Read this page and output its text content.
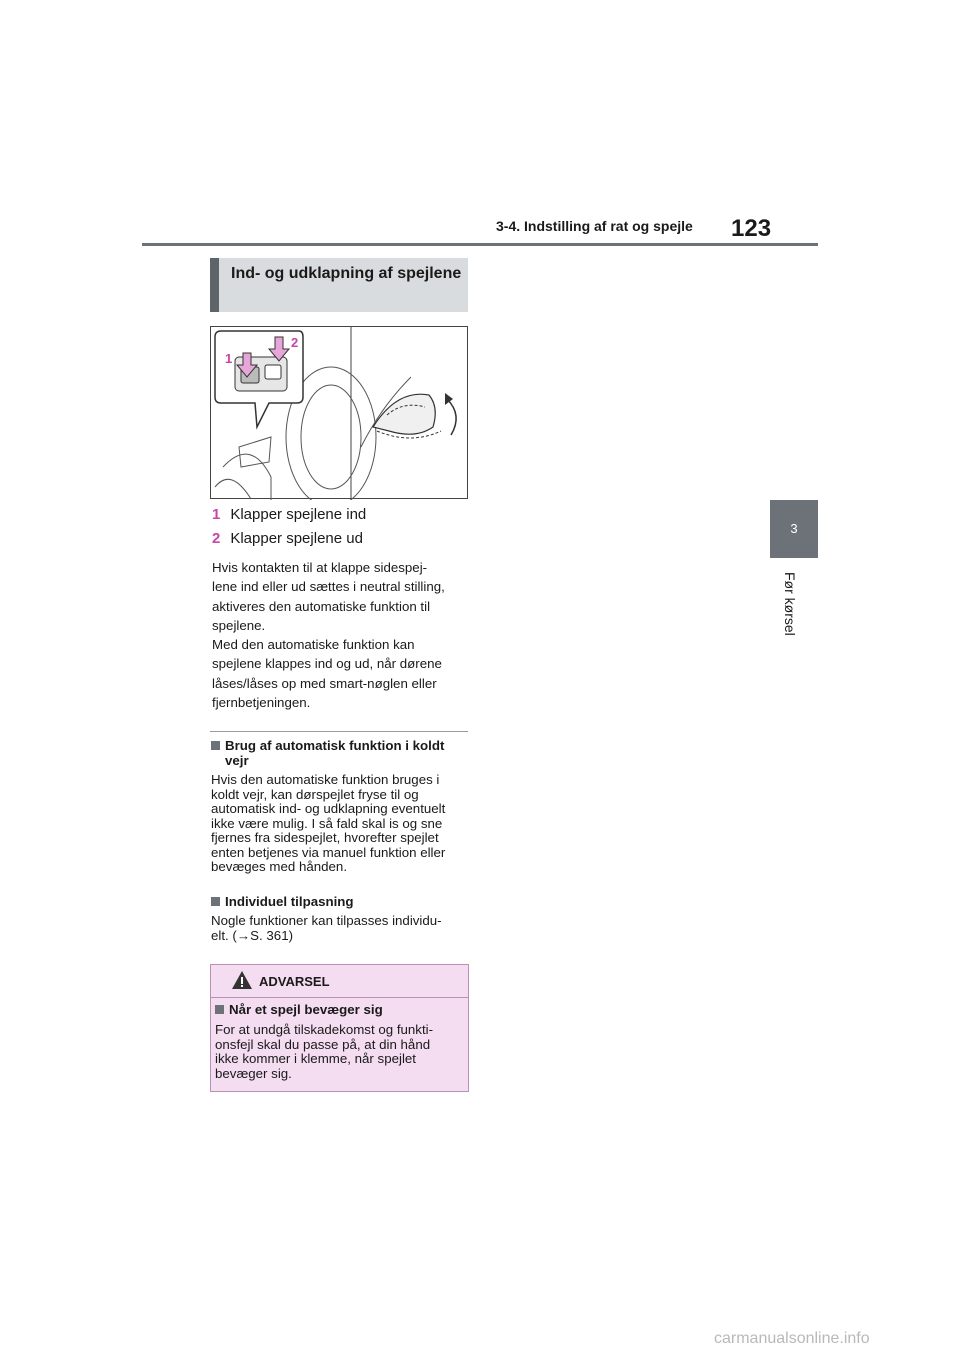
3-4. Indstilling af rat og spejle 123
3
Før kørsel
Ind- og udklapning af spejlene
1
2
1 Klapper spejlene ind
2 Klapper spejlene ud
Hvis kontakten til at klappe sidespej-
lene ind eller ud sættes i neutral stilling,
aktiveres den automatiske funktion til
spejlene.
Med den automatiske funktion kan
spejlene klappes ind og ud, når dørene
låses/låses op med smart-nøglen eller
fjernbetjeningen.
Brug af automatisk funktion i koldt
vejr
Hvis den automatiske funktion bruges i
koldt vejr, kan dørspejlet fryse til og
automatisk ind- og udklapning eventuelt
ikke være mulig. I så fald skal is og sne
fjernes fra sidespejlet, hvorefter spejlet
enten betjenes via manuel funktion eller
bevæges med hånden.
Individuel tilpasning
Nogle funktioner kan tilpasses individu-
elt. (→S. 361)
ADVARSEL
Når et spejl bevæger sig
For at undgå tilskadekomst og funkti-
onsfejl skal du passe på, at din hånd
ikke kommer i klemme, når spejlet
bevæger sig.
carmanualsonline.info
